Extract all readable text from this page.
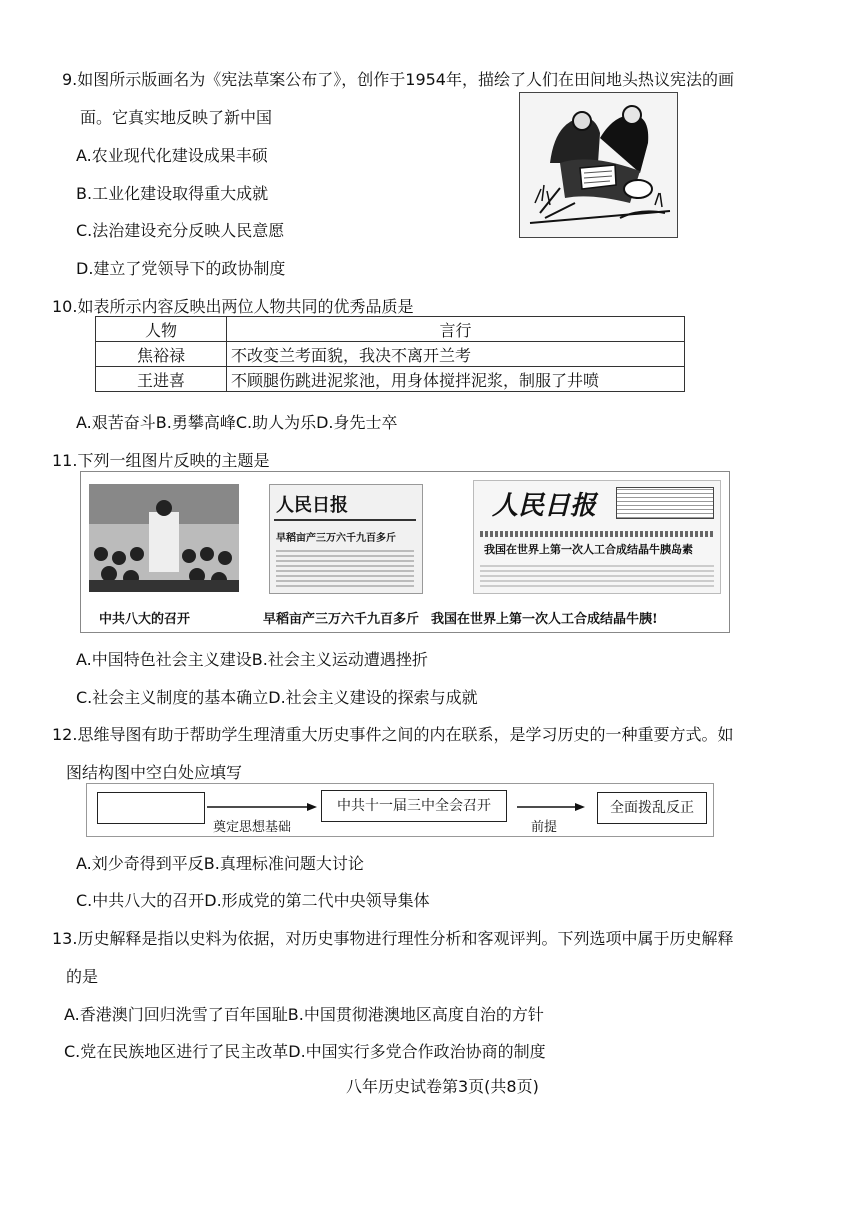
9.如图所示版画名为《宪法草案公布了》，创作于1954年，描绘了人们在田间地头热议宪法的画
面。它真实地反映了新中国
A.农业现代化建设成果丰硕
B.工业化建设取得重大成就
C.法治建设充分反映人民意愿
D.建立了党领导下的政协制度
10.如表所示内容反映出两位人物共同的优秀品质是
人物	言行
焦裕禄	不改变兰考面貌，我决不离开兰考
王进喜	不顾腿伤跳进泥浆池，用身体搅拌泥浆，制服了井喷
A.艰苦奋斗B.勇攀高峰C.助人为乐D.身先士卒
11.下列一组图片反映的主题是
中共八大的召开
人民日报
早稻亩产三万六千九百多斤
早稻亩产三万六千九百多斤
人民日报
我国在世界上第一次人工合成结晶牛胰岛素
我国在世界上第一次人工合成结晶牛胰!
A.中国特色社会主义建设B.社会主义运动遭遇挫折
C.社会主义制度的基本确立D.社会主义建设的探索与成就
12.思维导图有助于帮助学生理清重大历史事件之间的内在联系，是学习历史的一种重要方式。如
图结构图中空白处应填写
奠定思想基础
中共十一届三中全会召开
前提
全面拨乱反正
A.刘少奇得到平反B.真理标准问题大讨论
C.中共八大的召开D.形成党的第二代中央领导集体
13.历史解释是指以史料为依据，对历史事物进行理性分析和客观评判。下列选项中属于历史解释
的是
A.香港澳门回归洗雪了百年国耻B.中国贯彻港澳地区高度自治的方针
C.党在民族地区进行了民主改革D.中国实行多党合作政治协商的制度
八年历史试卷第3页(共8页)
